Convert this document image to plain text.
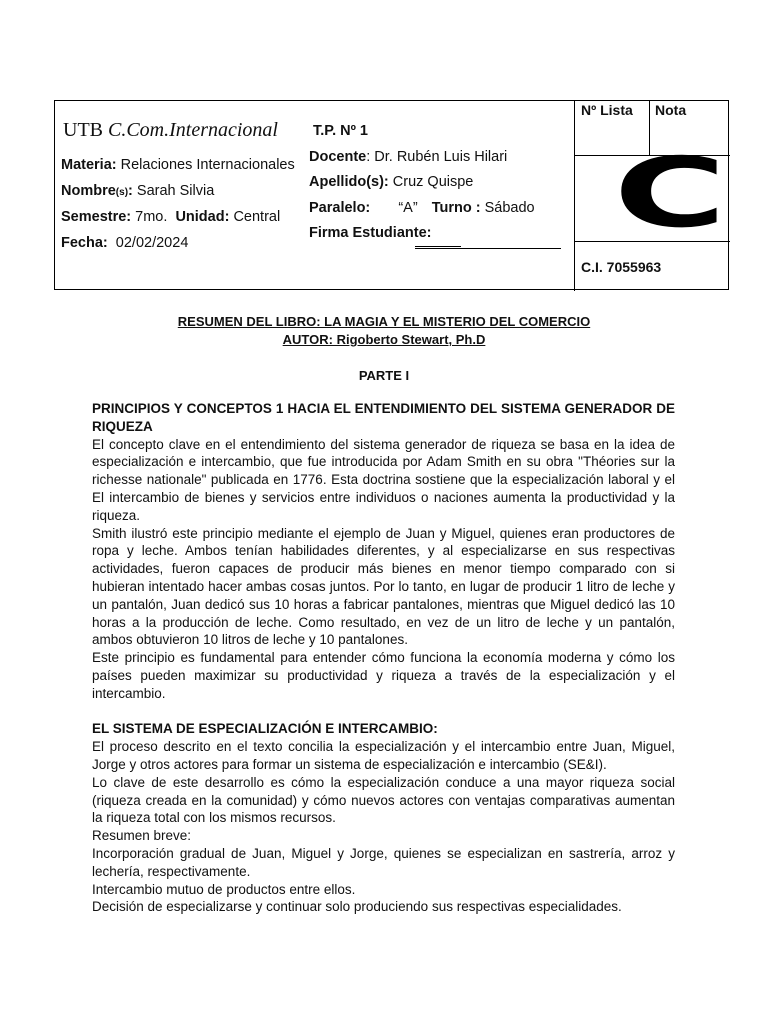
UTB C.Com.Internacional
Materia: Relaciones Internacionales
Nombre(s): Sarah Silvia
Semestre: 7mo. Unidad: Central
Fecha:  02/02/2024
T.P. Nº 1
Docente: Dr. Rubén Luis Hilari
Apellido(s): Cruz Quispe
Paralelo: “A” Turno : Sábado
Firma Estudiante:
Nº Lista Nota
C
C.I. 7055963
RESUMEN DEL LIBRO: LA MAGIA Y EL MISTERIO DEL COMERCIO
AUTOR: Rigoberto Stewart, Ph.D
PARTE I

PRINCIPIOS Y CONCEPTOS 1 HACIA EL ENTENDIMIENTO DEL SISTEMA GENERADOR DE RIQUEZA

El concepto clave en el entendimiento del sistema generador de riqueza se basa en la idea de especialización e intercambio, que fue introducida por Adam Smith en su obra "Théories sur la richesse nationale" publicada en 1776. Esta doctrina sostiene que la especialización laboral y el El intercambio de bienes y servicios entre individuos o naciones aumenta la productividad y la riqueza.

Smith ilustró este principio mediante el ejemplo de Juan y Miguel, quienes eran productores de ropa y leche. Ambos tenían habilidades diferentes, y al especializarse en sus respectivas actividades, fueron capaces de producir más bienes en menor tiempo comparado con si hubieran intentado hacer ambas cosas juntos. Por lo tanto, en lugar de producir 1 litro de leche y un pantalón, Juan dedicó sus 10 horas a fabricar pantalones, mientras que Miguel dedicó las 10 horas a la producción de leche. Como resultado, en vez de un litro de leche y un pantalón, ambos obtuvieron 10 litros de leche y 10 pantalones.

Este principio es fundamental para entender cómo funciona la economía moderna y cómo los países pueden maximizar su productividad y riqueza a través de la especialización y el intercambio.

EL SISTEMA DE ESPECIALIZACIÓN E INTERCAMBIO:

El proceso descrito en el texto concilia la especialización y el intercambio entre Juan, Miguel, Jorge y otros actores para formar un sistema de especialización e intercambio (SE&I).

Lo clave de este desarrollo es cómo la especialización conduce a una mayor riqueza social (riqueza creada en la comunidad) y cómo nuevos actores con ventajas comparativas aumentan la riqueza total con los mismos recursos.

Resumen breve:

Incorporación gradual de Juan, Miguel y Jorge, quienes se especializan en sastrería, arroz y lechería, respectivamente.

Intercambio mutuo de productos entre ellos.

Decisión de especializarse y continuar solo produciendo sus respectivas especialidades.
